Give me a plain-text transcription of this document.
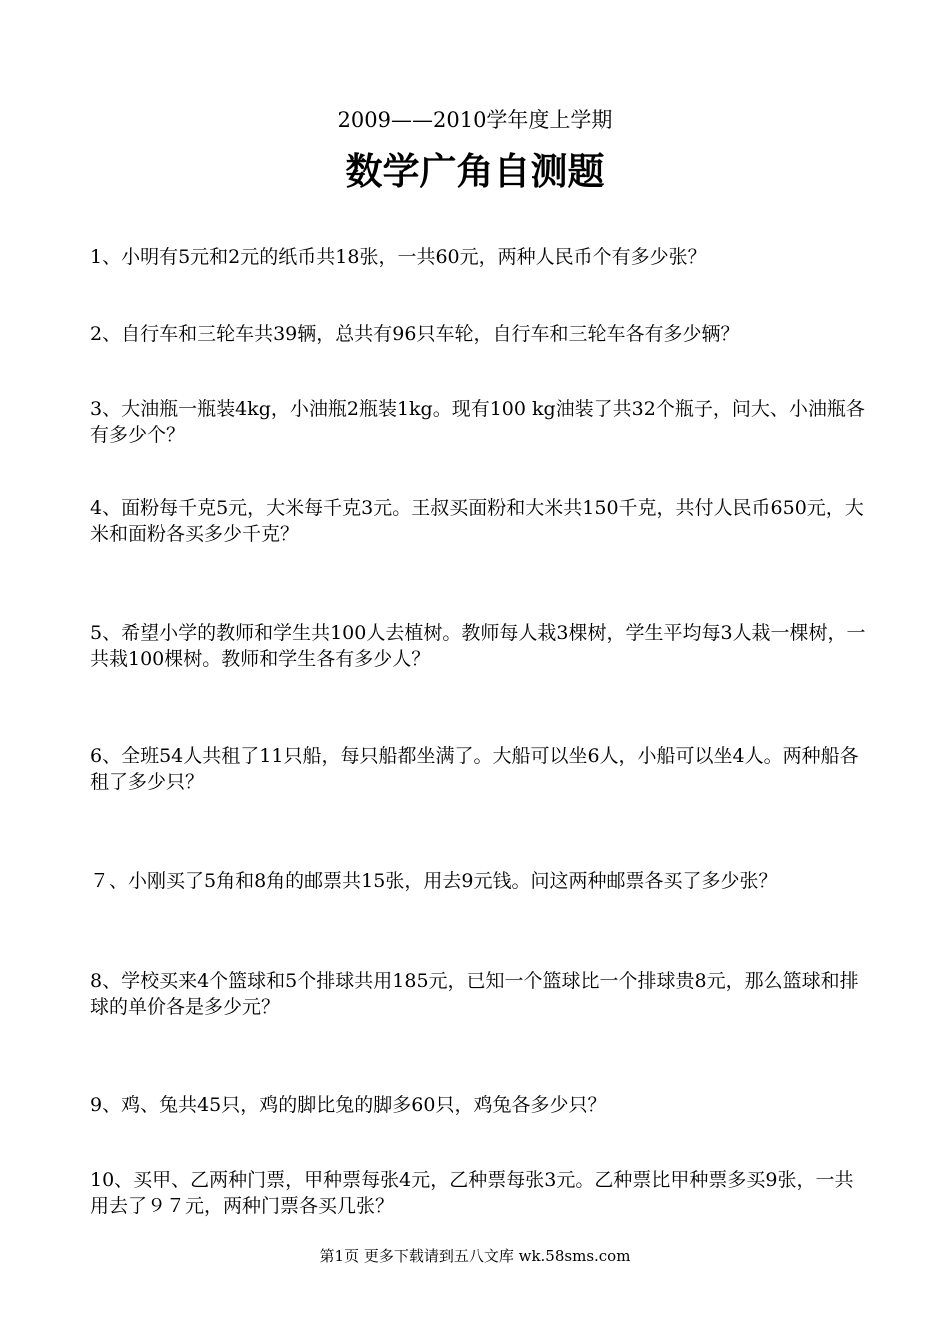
2009——2010学年度上学期
数学广角自测题

1、小明有5元和2元的纸币共18张，一共60元，两种人民币个有多少张？

2、自行车和三轮车共39辆，总共有96只车轮，自行车和三轮车各有多少辆？

3、大油瓶一瓶装4kg，小油瓶2瓶装1kg。现有100 kg油装了共32个瓶子，问大、小油瓶各有多少个？

4、面粉每千克5元，大米每千克3元。王叔买面粉和大米共150千克，共付人民币650元，大米和面粉各买多少千克？

5、希望小学的教师和学生共100人去植树。教师每人栽3棵树，学生平均每3人栽一棵树，一共栽100棵树。教师和学生各有多少人？

6、全班54人共租了11只船，每只船都坐满了。大船可以坐6人，小船可以坐4人。两种船各租了多少只？

７、小刚买了5角和8角的邮票共15张，用去9元钱。问这两种邮票各买了多少张？

8、学校买来4个篮球和5个排球共用185元，已知一个篮球比一个排球贵8元，那么篮球和排球的单价各是多少元？

9、鸡、兔共45只，鸡的脚比兔的脚多60只，鸡兔各多少只？

10、买甲、乙两种门票，甲种票每张4元，乙种票每张3元。乙种票比甲种票多买9张，一共用去了９７元，两种门票各买几张？

第1页 更多下载请到五八文库 wk.58sms.com
